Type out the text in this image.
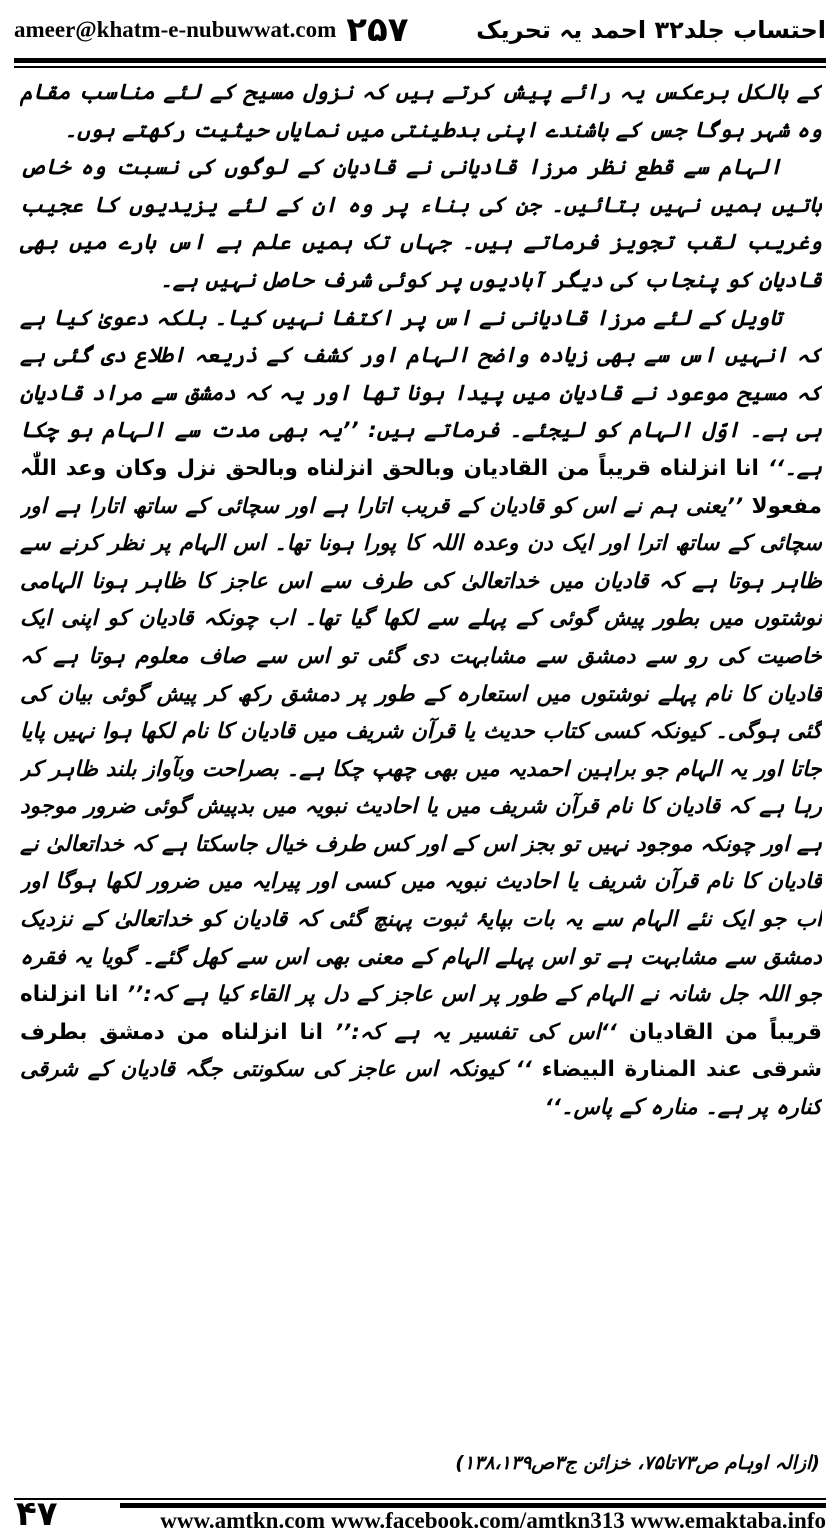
ameer@khatm-e-nubuwwat.com ۲۵۷	احتساب جلد۳۲ احمد یہ تحریک

کے بالکل برعکس یہ رائے پیش کرتے ہیں کہ نزول مسیح کے لئے مناسب مقام وہ شہر ہوگا جس کے باشندے اپنی بدطینتی میں نمایاں حیثیت رکھتے ہوں۔

الہام سے قطع نظر مرزا قادیانی نے قادیان کے لوگوں کی نسبت وہ خاص باتیں ہمیں نہیں بتائیں۔ جن کی بناء پر وہ ان کے لئے یزیدیوں کا عجیب وغریب لقب تجویز فرماتے ہیں۔ جہاں تک ہمیں علم ہے اس بارے میں بھی قادیان کو پنجاب کی دیگر آبادیوں پر کوئی شرف حاصل نہیں ہے۔

تاویل کے لئے مرزا قادیانی نے اس پر اکتفا نہیں کیا۔ بلکہ دعویٰ کیا ہے کہ انہیں اس سے بھی زیادہ واضح الہام اور کشف کے ذریعہ اطلاع دی گئی ہے کہ مسیح موعود نے قادیان میں پیدا ہونا تھا اور یہ کہ دمشق سے مراد قادیان ہی ہے۔ اوّل الہام کو لیجئے۔ فرماتے ہیں: ’’یہ بھی مدت سے الہام ہو چکا ہے۔‘‘ انا انزلناه قریباً من القادیان وبالحق انزلناه وبالحق نزل وکان وعد اللّٰہ مفعولا ’’یعنی ہم نے اس کو قادیان کے قریب اتارا ہے اور سچائی کے ساتھ اتارا ہے اور سچائی کے ساتھ اترا اور ایک دن وعدہ اللہ کا پورا ہونا تھا۔ اس الہام پر نظر کرنے سے ظاہر ہوتا ہے کہ قادیان میں خداتعالیٰ کی طرف سے اس عاجز کا ظاہر ہونا الہامی نوشتوں میں بطور پیش گوئی کے پہلے سے لکھا گیا تھا۔ اب چونکہ قادیان کو اپنی ایک خاصیت کی رو سے دمشق سے مشابہت دی گئی تو اس سے صاف معلوم ہوتا ہے کہ قادیان کا نام پہلے نوشتوں میں استعارہ کے طور پر دمشق رکھ کر پیش گوئی بیان کی گئی ہوگی۔ کیونکہ کسی کتاب حدیث یا قرآن شریف میں قادیان کا نام لکھا ہوا نہیں پایا جاتا اور یہ الہام جو براہین احمدیہ میں بھی چھپ چکا ہے۔ بصراحت وبآواز بلند ظاہر کر رہا ہے کہ قادیان کا نام قرآن شریف میں یا احادیث نبویہ میں بدپیش گوئی ضرور موجود ہے اور چونکہ موجود نہیں تو بجز اس کے اور کس طرف خیال جاسکتا ہے کہ خداتعالیٰ نے قادیان کا نام قرآن شریف یا احادیث نبویہ میں کسی اور پیرایہ میں ضرور لکھا ہوگا اور اب جو ایک نئے الہام سے یہ بات بپایۂ ثبوت پہنچ گئی کہ قادیان کو خداتعالیٰ کے نزدیک دمشق سے مشابہت ہے تو اس پہلے الہام کے معنی بھی اس سے کھل گئے۔ گویا یہ فقرہ جو اللہ جل شانہ نے الہام کے طور پر اس عاجز کے دل پر القاء کیا ہے کہ:’’ انا انزلناه قریباً من القادیان ‘‘اس کی تفسیر یہ ہے کہ:’’ انا انزلناه من دمشق بطرف شرقی عند المنارة البیضاء ‘‘ کیونکہ اس عاجز کی سکونتی جگہ قادیان کے شرقی کنارہ پر ہے۔ منارہ کے پاس۔‘‘

(ازالہ اوہام ص۷۳تا۷۵، خزائن ج۳ص۱۳۸،۱۳۹)
۴۷	www.amtkn.com www.facebook.com/amtkn313 www.emaktaba.info
